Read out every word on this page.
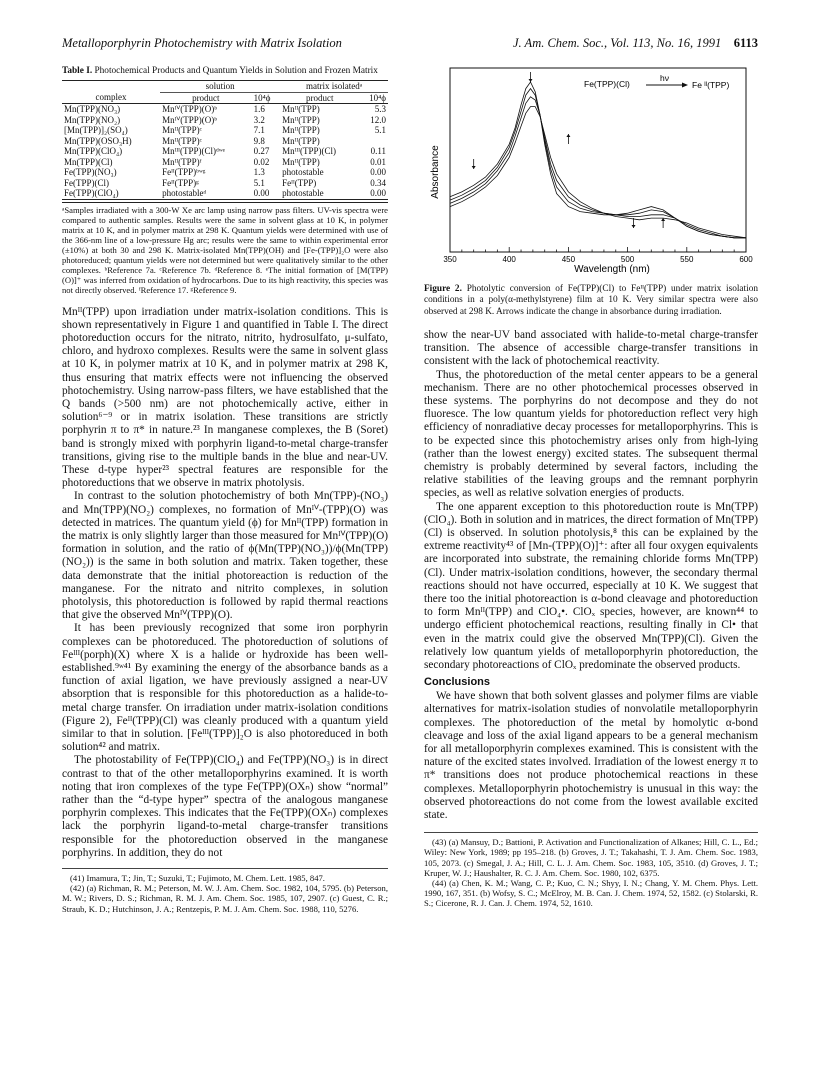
Metalloporphyrin Photochemistry with Matrix Isolation	J. Am. Chem. Soc., Vol. 113, No. 16, 1991 6113
Table I. Photochemical Products and Quantum Yields in Solution and Frozen Matrix
	solution		matrix isolatedᵃ	
complex	product	10⁴ϕ	product	10⁴ϕ
Mn(TPP)(NO₃)	Mnᴵⱽ(TPP)(O)ᵇ	1.6	Mnᴵᴵ(TPP)	5.3
Mn(TPP)(NO₂)	Mnᴵⱽ(TPP)(O)ᵇ	3.2	Mnᴵᴵ(TPP)	12.0
[Mn(TPP)]₂(SO₄)	Mnᴵᴵ(TPP)ᶜ	7.1	Mnᴵᴵ(TPP)	5.1
Mn(TPP)(OSO₃H)	Mnᴵᴵ(TPP)ᶜ	9.8	Mnᴵᴵ(TPP)	
Mn(TPP)(ClO₄)	Mnᴵᴵᴵ(TPP)(Cl)ᵈʷᵉ	0.27	Mnᴵᴵᴵ(TPP)(Cl)	0.11
Mn(TPP)(Cl)	Mnᴵᴵ(TPP)ᶠ	0.02	Mnᴵᴵ(TPP)	0.01
Fe(TPP)(NO₃)	Feᴵᴵ(TPP)ᵇʷᵍ	1.3	photostable	0.00
Fe(TPP)(Cl)	Feᴵᴵ(TPP)ᵍ	5.1	Feᴵᴵ(TPP)	0.34
Fe(TPP)(ClO₄)	photostableᵈ	0.00	photostable	0.00
ᵃSamples irradiated with a 300-W Xe arc lamp using narrow pass filters. UV-vis spectra were compared to authentic samples. Results were the same in solvent glass at 10 K, in polymer matrix at 10 K, and in polymer matrix at 298 K. Quantum yields were determined with use of the 366-nm line of a low-pressure Hg arc; results were the same to within experimental error (±10%) at both 30 and 298 K. Matrix-isolated Mn(TPP)(OH) and [Fe-(TPP)]₂O were also photoreduced; quantum yields were not determined but were qualitatively similar to the other complexes. ᵇReference 7a. ᶜReference 7b. ᵈReference 8. ᵉThe initial formation of [M(TPP)(O)]⁺ was inferred from oxidation of hydrocarbons. Due to its high reactivity, this species was not directly observed. ᶠReference 17. ᵍReference 9.

Mnᴵᴵ(TPP) upon irradiation under matrix-isolation conditions. This is shown representatively in Figure 1 and quantified in Table I. The direct photoreduction occurs for the nitrato, nitrito, hydrosulfato, μ-sulfato, chloro, and hydroxo complexes. Results were the same in solvent glass at 10 K, in polymer matrix at 10 K, and in polymer matrix at 298 K, thus ensuring that matrix effects were not influencing the observed photochemistry. Using narrow-pass filters, we have established that the Q bands (>500 nm) are not photochemically active, either in solution⁶⁻⁹ or in matrix isolation. These transitions are strictly porphyrin π to π* in nature.²³ In manganese complexes, the B (Soret) band is strongly mixed with porphyrin ligand-to-metal charge-transfer transitions, giving rise to the multiple bands in the blue and near-UV. These d-type hyper²³ spectral features are responsible for the photoreductions that we observe in matrix photolysis.

In contrast to the solution photochemistry of both Mn(TPP)-(NO₃) and Mn(TPP)(NO₂) complexes, no formation of Mnᴵⱽ-(TPP)(O) was detected in matrices. The quantum yield (ϕ) for Mnᴵᴵ(TPP) formation in the matrix is only slightly larger than those measured for Mnᴵⱽ(TPP)(O) formation in solution, and the ratio of ϕ(Mn(TPP)(NO₃))/ϕ(Mn(TPP)(NO₂)) is the same in both solution and matrix. Taken together, these data demonstrate that the initial photoreaction is reduction of the manganese. For the nitrato and nitrito complexes, in solution photolysis, this photoreduction is followed by rapid thermal reactions that give the observed Mnᴵⱽ(TPP)(O).

It has been previously recognized that some iron porphyrin complexes can be photoreduced. The photoreduction of solutions of Feᴵᴵᴵ(porph)(X) where X is a halide or hydroxide has been well-established.⁹ʷ⁴¹ By examining the energy of the absorbance bands as a function of axial ligation, we have previously assigned a near-UV absorption that is responsible for this photoreduction as a halide-to-metal charge transfer. On irradiation under matrix-isolation conditions (Figure 2), Feᴵᴵ(TPP)(Cl) was cleanly produced with a quantum yield similar to that in solution. [Feᴵᴵᴵ(TPP)]₂O is also photoreduced in both solution⁴² and matrix.

The photostability of Fe(TPP)(ClO₄) and Fe(TPP)(NO₃) is in direct contrast to that of the other metalloporphyrins examined. It is worth noting that iron complexes of the type Fe(TPP)(OXₙ) show “normal” rather than the “d-type hyper” spectra of the analogous manganese porphyrin complexes. This indicates that the Fe(TPP)(OXₙ) complexes lack the porphyrin ligand-to-metal charge-transfer transitions responsible for the photoreduction observed in the manganese porphyrins. In addition, they do not

(41) Imamura, T.; Jin, T.; Suzuki, T.; Fujimoto, M. Chem. Lett. 1985, 847.

(42) (a) Richman, R. M.; Peterson, M. W. J. Am. Chem. Soc. 1982, 104, 5795. (b) Peterson, M. W.; Rivers, D. S.; Richman, R. M. J. Am. Chem. Soc. 1985, 107, 2907. (c) Guest, C. R.; Straub, K. D.; Hutchinson, J. A.; Rentzepis, P. M. J. Am. Chem. Soc. 1988, 110, 5276.

Fe(TPP)(Cl)
hν
Fe ᴵᴵ(TPP)
Absorbance
Wavelength (nm)
350	400	450	500	550	600
Figure 2. Photolytic conversion of Fe(TPP)(Cl) to Feᴵᴵ(TPP) under matrix isolation conditions in a poly(α-methylstyrene) film at 10 K. Very similar spectra were also observed at 298 K. Arrows indicate the change in absorbance during irradiation.

show the near-UV band associated with halide-to-metal charge-transfer transition. The absence of accessible charge-transfer transitions in consistent with the lack of photochemical reactivity.

Thus, the photoreduction of the metal center appears to be a general mechanism. There are no other photochemical processes observed in these systems. The porphyrins do not decompose and they do not fluoresce. The low quantum yields for photoreduction reflect very high efficiency of nonradiative decay processes for metalloporphyrins. This is to be expected since this photochemistry arises only from high-lying (rather than the lowest energy) excited states. The subsequent thermal chemistry is probably determined by several factors, including the relative stabilities of the leaving groups and the remnant porphyrin species, as well as relative solvation energies of products.

The one apparent exception to this photoreduction route is Mn(TPP)(ClO₄). Both in solution and in matrices, the direct formation of Mn(TPP)(Cl) is observed. In solution photolysis,⁸ this can be explained by the extreme reactivity⁴³ of [Mn-(TPP)(O)]⁺: after all four oxygen equivalents are incorporated into substrate, the remaining chloride forms Mn(TPP)(Cl). Under matrix-isolation conditions, however, the secondary thermal reactions should not have occurred, especially at 10 K. We suggest that there too the initial photoreaction is α-bond cleavage and photoreduction to form Mnᴵᴵ(TPP) and ClO₄•. ClOₓ species, however, are known⁴⁴ to undergo efficient photochemical reactions, resulting finally in Cl• that even in the matrix could give the observed Mn(TPP)(Cl). Given the relatively low quantum yields of metalloporphyrin photoreduction, the secondary photoreactions of ClOₓ predominate the observed products.

Conclusions

We have shown that both solvent glasses and polymer films are viable alternatives for matrix-isolation studies of nonvolatile metalloporphyrin complexes. The photoreduction of the metal by homolytic α-bond cleavage and loss of the axial ligand appears to be a general mechanism for all metalloporphyrin complexes examined. This is consistent with the nature of the excited states involved. Irradiation of the lowest energy π to π* transitions does not produce photochemical reactions in these complexes. Metalloporphyrin photochemistry is unusual in this way: the observed photoreactions do not come from the lowest available excited state.

(43) (a) Mansuy, D.; Battioni, P. Activation and Functionalization of Alkanes; Hill, C. L., Ed.; Wiley: New York, 1989; pp 195–218. (b) Groves, J. T.; Takahashi, T. J. Am. Chem. Soc. 1983, 105, 2073. (c) Smegal, J. A.; Hill, C. L. J. Am. Chem. Soc. 1983, 105, 3510. (d) Groves, J. T.; Kruper, W. J.; Haushalter, R. C. J. Am. Chem. Soc. 1980, 102, 6375.

(44) (a) Chen, K. M.; Wang, C. P.; Kuo, C. N.; Shyy, I. N.; Chang, Y. M. Chem. Phys. Lett. 1990, 167, 351. (b) Wofsy, S. C.; McElroy, M. B. Can. J. Chem. 1974, 52, 1582. (c) Stolarski, R. S.; Cicerone, R. J. Can. J. Chem. 1974, 52, 1610.
